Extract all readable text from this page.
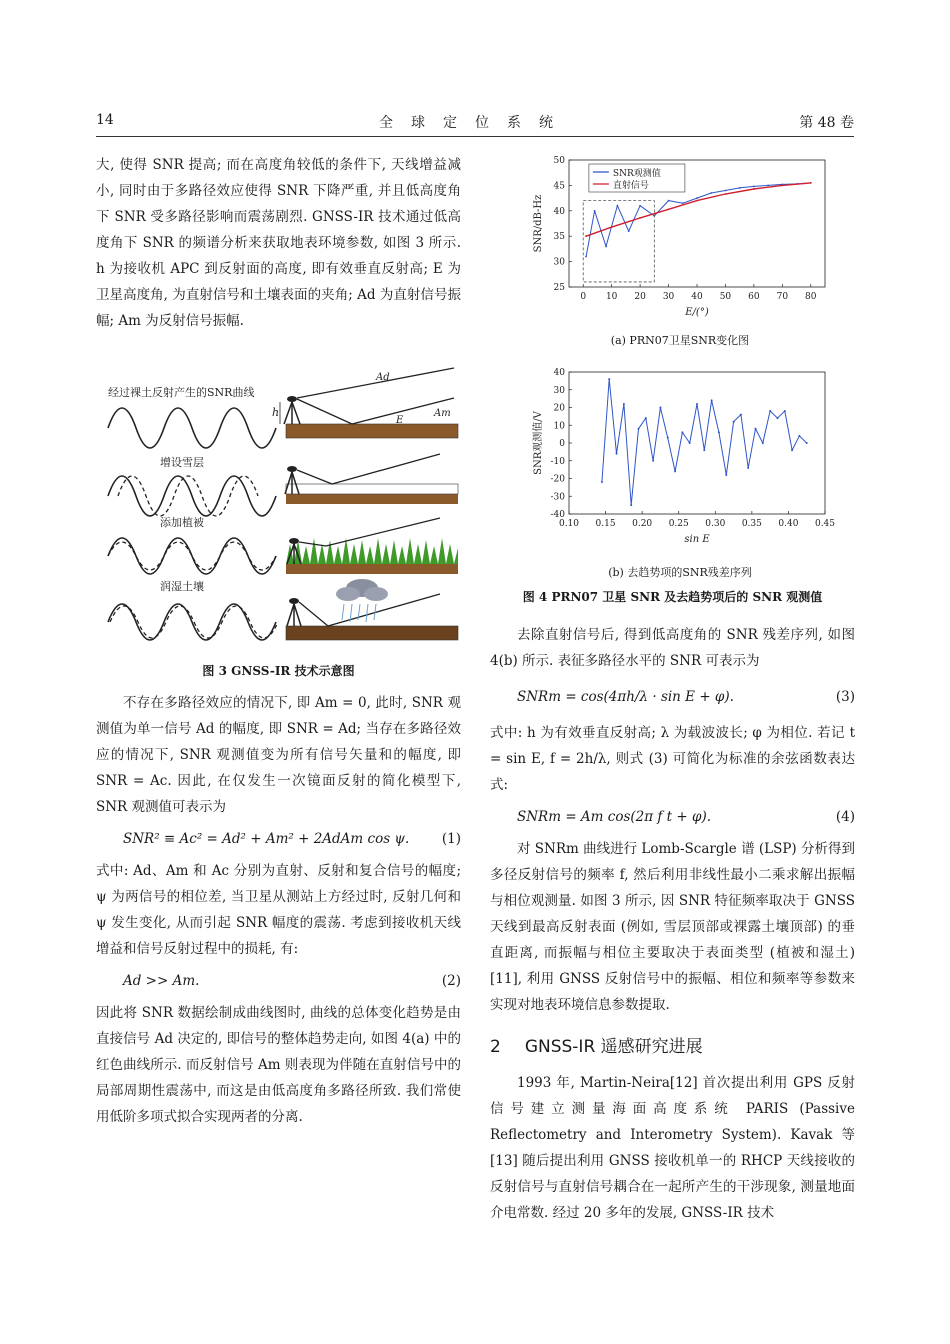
14	全球定位系统	第 48 卷

大, 使得 SNR 提高; 而在高度角较低的条件下, 天线增益减小, 同时由于多路径效应使得 SNR 下降严重, 并且低高度角下 SNR 受多路径影响而震荡剧烈. GNSS-IR 技术通过低高度角下 SNR 的频谱分析来获取地表环境参数, 如图 3 所示. h 为接收机 APC 到反射面的高度, 即有效垂直反射高; E 为卫星高度角, 为直射信号和土壤表面的夹角; Ad 为直射信号振幅; Am 为反射信号振幅.

经过裸土反射产生的SNR曲线
增设雪层
添加植被
润湿土壤
h
Ad
Am
E
图 3 GNSS-IR 技术示意图

不存在多路径效应的情况下, 即 Am = 0, 此时, SNR 观测值为单一信号 Ad 的幅度, 即 SNR = Ad; 当存在多路径效应的情况下, SNR 观测值变为所有信号矢量和的幅度, 即 SNR = Ac. 因此, 在仅发生一次镜面反射的简化模型下, SNR 观测值可表示为

SNR² ≡ Ac² = Ad² + Am² + 2AdAm cos ψ. (1)

式中: Ad、Am 和 Ac 分别为直射、反射和复合信号的幅度; ψ 为两信号的相位差, 当卫星从测站上方经过时, 反射几何和 ψ 发生变化, 从而引起 SNR 幅度的震荡. 考虑到接收机天线增益和信号反射过程中的损耗, 有:

Ad >> Am.	(2)

因此将 SNR 数据绘制成曲线图时, 曲线的总体变化趋势是由直接信号 Ad 决定的, 即信号的整体趋势走向, 如图 4(a) 中的红色曲线所示. 而反射信号 Am 则表现为伴随在直射信号中的局部周期性震荡中, 而这是由低高度角多路径所致. 我们常使用低阶多项式拟合实现两者的分离.

0 10 20 30 40 50 60 70 80
25
30
35
40
45
50
E/(°)
SNR/dB-Hz
SNR观测值
直射信号
(a) PRN07卫星SNR变化图
0.10 0.15 0.20 0.25 0.30 0.35 0.40 0.45
-40
-30
-20
-10
0
10
20
30
40
sin E
SNR观测值/V
(b) 去趋势项的SNR残差序列
图 4 PRN07 卫星 SNR 及去趋势项后的 SNR 观测值

去除直射信号后, 得到低高度角的 SNR 残差序列, 如图 4(b) 所示. 表征多路径水平的 SNR 可表示为

SNRm = cos(4πh/λ · sin E + φ).	(3)

式中: h 为有效垂直反射高; λ 为载波波长; φ 为相位. 若记 t = sin E, f = 2h/λ, 则式 (3) 可简化为标准的余弦函数表达式:

SNRm = Am cos(2π f t + φ).	(4)

对 SNRm 曲线进行 Lomb-Scargle 谱 (LSP) 分析得到多径反射信号的频率 f, 然后利用非线性最小二乘求解出振幅与相位观测量. 如图 3 所示, 因 SNR 特征频率取决于 GNSS 天线到最高反射表面 (例如, 雪层顶部或裸露土壤顶部) 的垂直距离, 而振幅与相位主要取决于表面类型 (植被和湿土)[11], 利用 GNSS 反射信号中的振幅、相位和频率等参数来实现对地表环境信息参数提取.

2 GNSS-IR 遥感研究进展

1993 年, Martin-Neira[12] 首次提出利用 GPS 反射信号建立测量海面高度系统 PARIS (Passive Reflectometry and Interometry System). Kavak 等 [13] 随后提出利用 GNSS 接收机单一的 RHCP 天线接收的反射信号与直射信号耦合在一起所产生的干涉现象, 测量地面介电常数. 经过 20 多年的发展, GNSS-IR 技术
